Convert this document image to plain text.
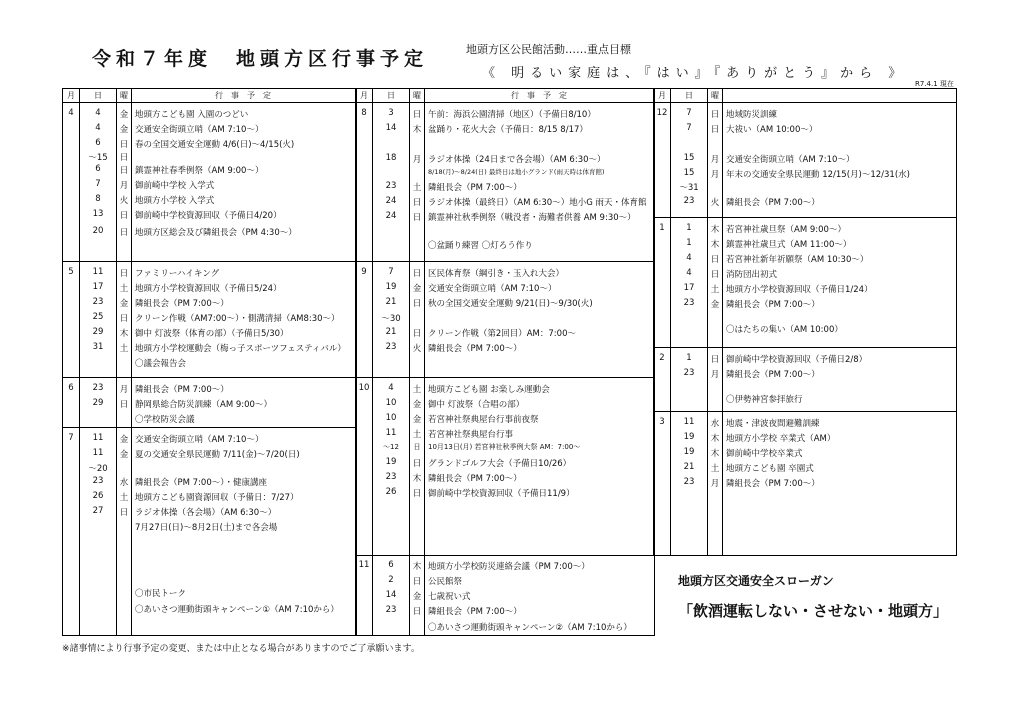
令和７年度　地頭方区行事予定	地頭方区公民館活動……重点目標
《 明るい家庭は、『はい』『ありがとう』から 》
R7.4.1 現在
月	日	曜	行　事　予　定
4	4	金 地頭方こども園 入園のつどい
4	金 交通安全街頭立哨（AM 7:10〜）
6	日 春の全国交通安全運動 4/6(日)〜4/15(火)
〜15	日
6	日 鎮霊神社春季例祭（AM 9:00〜）
7	月 御前崎中学校 入学式
8	火 地頭方小学校 入学式
13	日 御前崎中学校資源回収（予備日4/20）
20	日 地頭方区総会及び隣組長会（PM 4:30〜）
5	11	日 ファミリーハイキング
17	土 地頭方小学校資源回収（予備日5/24）
23	金 隣組長会（PM 7:00〜）
25	日 クリーン作戦（AM7:00〜）・側溝清掃（AM8:30〜）
29	木 御中 灯波祭（体育の部）（予備日5/30）
31	土 地頭方小学校運動会（梅っ子スポーツフェスティバル）
〇議会報告会
6	23	月 隣組長会（PM 7:00〜）
29	日 静岡県総合防災訓練（AM 9:00〜）
〇学校防災会議
7	11	金 交通安全街頭立哨（AM 7:10〜）
11	金 夏の交通安全県民運動 7/11(金)〜7/20(日)
〜20
23	水 隣組長会（PM 7:00〜）・健康講座
26	土 地頭方こども園資源回収（予備日：7/27）
27	日 ラジオ体操（各会場）（AM 6:30〜）
7月27日(日)〜8月2日(土)まで各会場
〇市民トーク
〇あいさつ運動街頭キャンペーン①（AM 7:10から）
月	日	曜	行　事　予　定
8	3	日 午前：海浜公園清掃（地区）（予備日8/10）
14	木 盆踊り・花火大会（予備日：8/15 8/17）
18	月 ラジオ体操（24日まで各会場）（AM 6:30〜）
8/18(月)〜8/24(日) 最終日は地小グランド(雨天時は体育館)
23	土 隣組長会（PM 7:00〜）
24	日 ラジオ体操（最終日）（AM 6:30〜）地小G 雨天・体育館
24	日 鎮霊神社秋季例祭（戦没者・海難者供養 AM 9:30〜）
〇盆踊り練習 〇灯ろう作り
9	7	日 区民体育祭（綱引き・玉入れ大会）
19	金 交通安全街頭立哨（AM 7:10〜）
21	日 秋の全国交通安全運動 9/21(日)〜9/30(火)
〜30
21	日 クリーン作戦（第2回目）AM：7:00〜
23	火 隣組長会（PM 7:00〜）
10	4	土 地頭方こども園 お楽しみ運動会
10	金 御中 灯波祭（合唱の部）
10	金 若宮神社祭典屋台行事前夜祭
11	土 若宮神社祭典屋台行事
〜12	日	10月13日(月) 若宮神社秋季例大祭 AM：7:00〜
19	日 グランドゴルフ大会（予備日10/26）
23	木 隣組長会（PM 7:00〜）
26	日 御前崎中学校資源回収（予備日11/9）
11	6	木 地頭方小学校防災連絡会議（PM 7:00〜）
2	日 公民館祭
14	金 七歳祝い式
23	日 隣組長会（PM 7:00〜）
〇あいさつ運動街頭キャンペーン②（AM 7:10から）
月	日	曜
12	7	日 地域防災訓練
7	日 大祓い（AM 10:00〜）
15	月 交通安全街頭立哨（AM 7:10〜）
15	月 年末の交通安全県民運動 12/15(月)〜12/31(水)
〜31
23	火 隣組長会（PM 7:00〜）
1	1	木 若宮神社歳旦祭（AM 9:00〜）
1	木 鎮霊神社歳旦式（AM 11:00〜）
4	日 若宮神社新年祈願祭（AM 10:30〜）
4	日 消防団出初式
17	土 地頭方小学校資源回収（予備日1/24）
23	金 隣組長会（PM 7:00〜）
〇はたちの集い（AM 10:00）
2	1	日 御前崎中学校資源回収（予備日2/8）
23	月 隣組長会（PM 7:00〜）
〇伊勢神宮参拝旅行
3	11	水 地震・津波夜間避難訓練
19	木 地頭方小学校 卒業式（AM）
19	木 御前崎中学校卒業式
21	土 地頭方こども園 卒園式
23	月 隣組長会（PM 7:00〜）
地頭方区交通安全スローガン
「飲酒運転しない・させない・地頭方」
※諸事情により行事予定の変更、または中止となる場合がありますのでご了承願います。
